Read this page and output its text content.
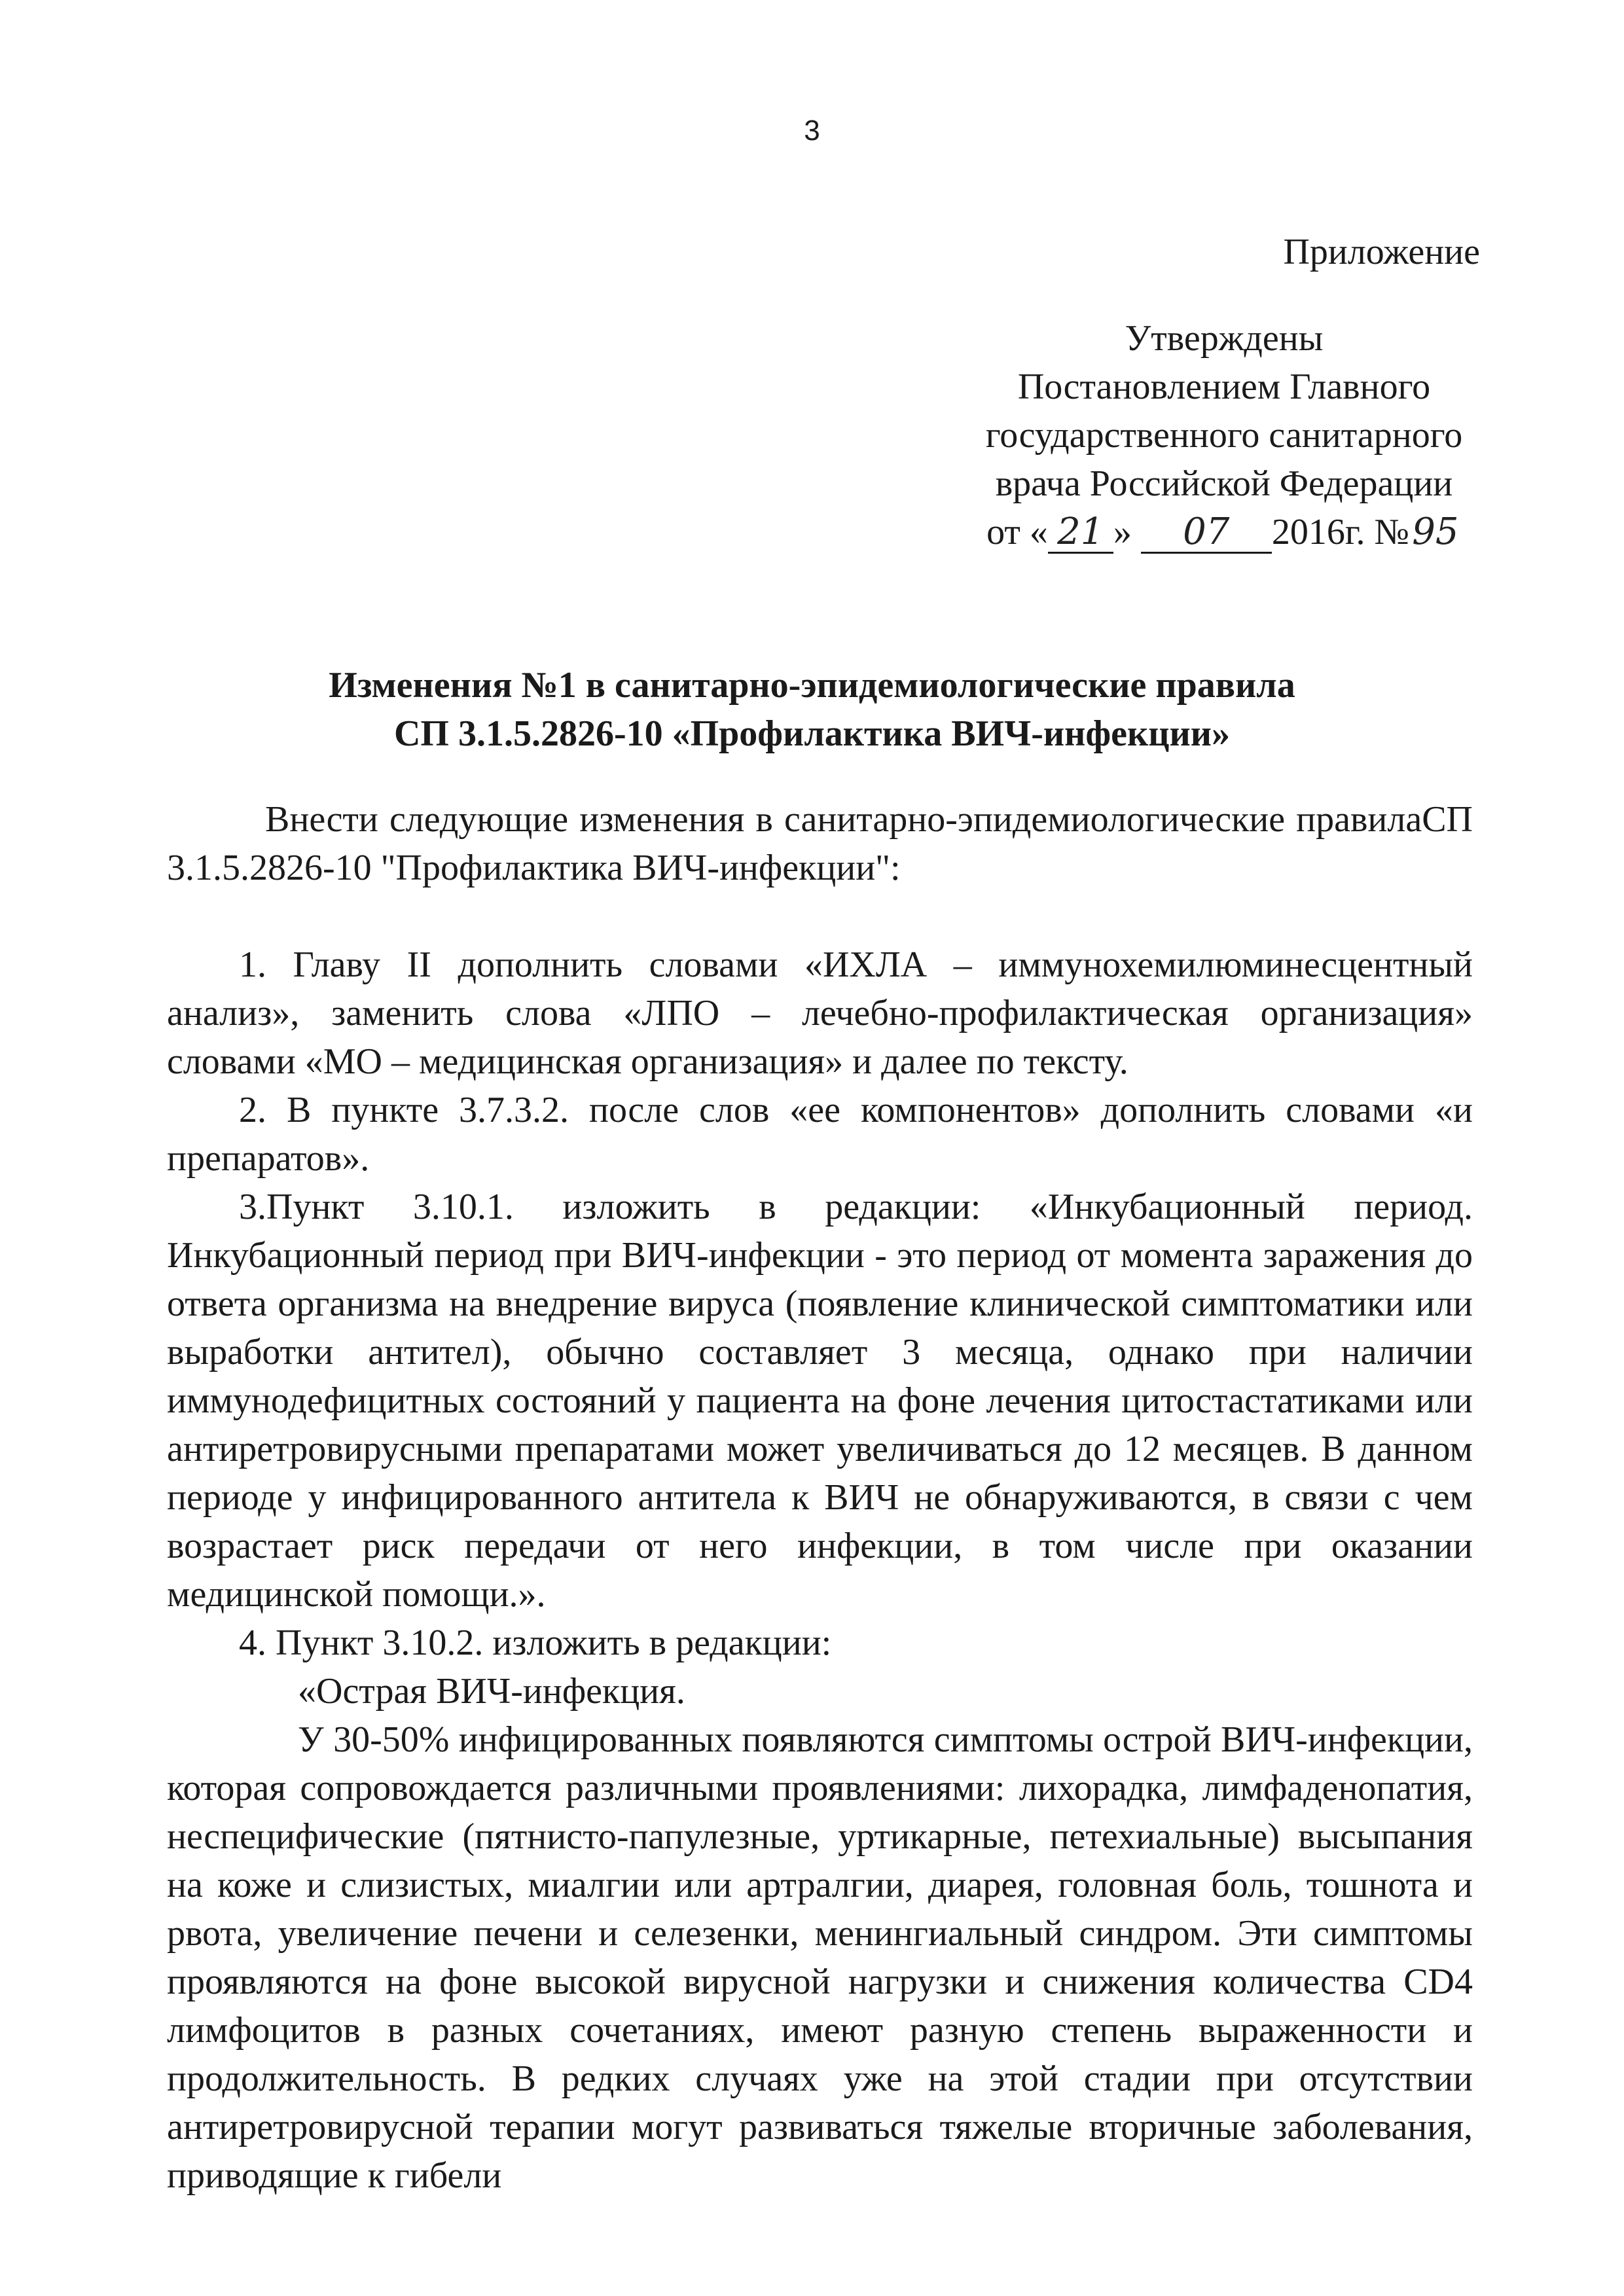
3
Приложение
Утверждены
Постановлением Главного
государственного санитарного
врача Российской Федерации
от « 21 » 07 2016г. №95
Изменения №1 в санитарно-эпидемиологические правила
СП 3.1.5.2826-10 «Профилактика ВИЧ-инфекции»

Внести следующие изменения в санитарно-эпидемиологические правилаСП 3.1.5.2826-10 "Профилактика ВИЧ-инфекции":

1. Главу II дополнить словами «ИХЛА – иммунохемилюминесцентный анализ», заменить слова «ЛПО – лечебно-профилактическая организация» словами «МО – медицинская организация» и далее по тексту.

2. В пункте 3.7.3.2. после слов «ее компонентов» дополнить словами «и препаратов».

3.Пункт 3.10.1. изложить в редакции: «Инкубационный период. Инкубационный период при ВИЧ-инфекции - это период от момента заражения до ответа организма на внедрение вируса (появление клинической симптоматики или выработки антител), обычно составляет 3 месяца, однако при наличии иммунодефицитных состояний у пациента на фоне лечения цитостастатиками или антиретровирусными препаратами может увеличиваться до 12 месяцев. В данном периоде у инфицированного антитела к ВИЧ не обнаруживаются, в связи с чем возрастает риск передачи от него инфекции, в том числе при оказании медицинской помощи.».

4. Пункт 3.10.2. изложить в редакции:

«Острая ВИЧ-инфекция.

У 30-50% инфицированных появляются симптомы острой ВИЧ-инфекции, которая сопровождается различными проявлениями: лихорадка, лимфаденопатия, неспецифические (пятнисто-папулезные, уртикарные, петехиальные) высыпания на коже и слизистых, миалгии или артралгии, диарея, головная боль, тошнота и рвота, увеличение печени и селезенки, менингиальный синдром. Эти симптомы проявляются на фоне высокой вирусной нагрузки и снижения количества CD4 лимфоцитов в разных сочетаниях, имеют разную степень выраженности и продолжительность. В редких случаях уже на этой стадии при отсутствии антиретровирусной терапии могут развиваться тяжелые вторичные заболевания, приводящие к гибели
